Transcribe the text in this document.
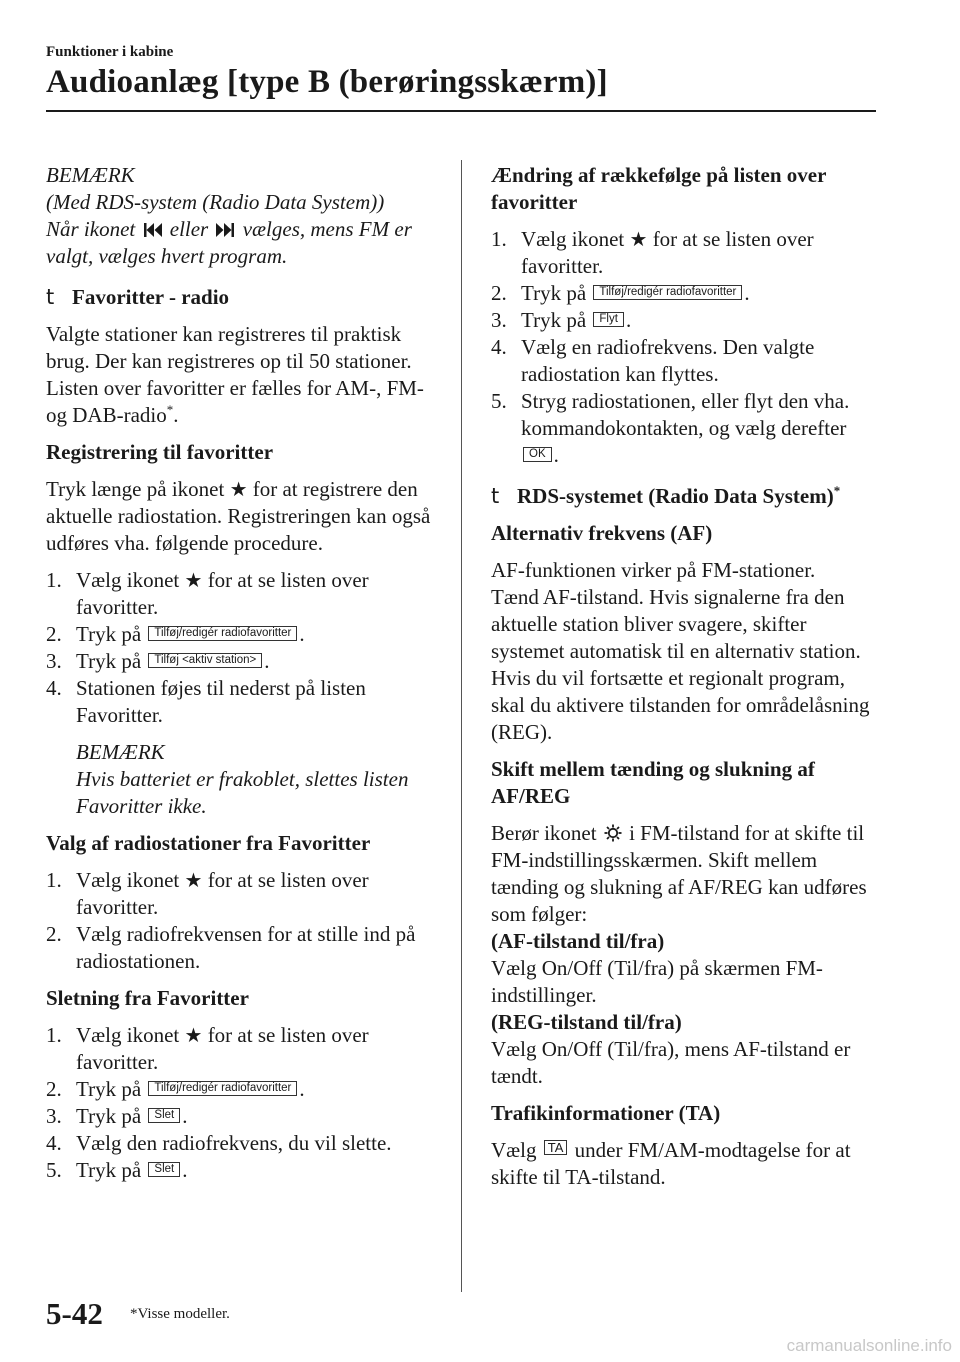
Funktioner i kabine
Audioanlæg [type B (berøringsskærm)]
BEMÆRK
(Med RDS-system (Radio Data System))
Når ikonet eller vælges, mens FM er valgt, vælges hvert program.
t Favoritter - radio

Valgte stationer kan registreres til praktisk brug. Der kan registreres op til 50 stationer. Listen over favoritter er fælles for AM-, FM- og DAB-radio*.

Registrering til favoritter

Tryk længe på ikonet ★ for at registrere den aktuelle radiostation. Registreringen kan også udføres vha. følgende procedure.

1. Vælg ikonet ★ for at se listen over favoritter.
2. Tryk på Tilføj/redigér radiofavoritter .
3. Tryk på Tilføj <aktiv station> .
4. Stationen føjes til nederst på listen Favoritter.
BEMÆRK
Hvis batteriet er frakoblet, slettes listen Favoritter ikke.
Valg af radiostationer fra Favoritter
1. Vælg ikonet ★ for at se listen over favoritter.
2. Vælg radiofrekvensen for at stille ind på radiostationen.
Sletning fra Favoritter
1. Vælg ikonet ★ for at se listen over favoritter.
2. Tryk på Tilføj/redigér radiofavoritter .
3. Tryk på Slet .
4. Vælg den radiofrekvens, du vil slette.
5. Tryk på Slet .
Ændring af rækkefølge på listen over favoritter
1. Vælg ikonet ★ for at se listen over favoritter.
2. Tryk på Tilføj/redigér radiofavoritter .
3. Tryk på Flyt .
4. Vælg en radiofrekvens. Den valgte radiostation kan flyttes.
5. Stryg radiostationen, eller flyt den vha. kommandokontakten, og vælg derefter
OK .
t RDS-systemet (Radio Data System)*
Alternativ frekvens (AF)

AF-funktionen virker på FM-stationer.
Tænd AF-tilstand. Hvis signalerne fra den aktuelle station bliver svagere, skifter systemet automatisk til en alternativ station.
Hvis du vil fortsætte et regionalt program, skal du aktivere tilstanden for områdelåsning (REG).

Skift mellem tænding og slukning af AF/REG

Berør ikonet i FM-tilstand for at skifte til FM-indstillingsskærmen. Skift mellem tænding og slukning af AF/REG kan udføres som følger:

(AF-tilstand til/fra)
Vælg On/Off (Til/fra) på skærmen FM-indstillinger.
(REG-tilstand til/fra)
Vælg On/Off (Til/fra), mens AF-tilstand er tændt.
Trafikinformationer (TA)

Vælg TA under FM/AM-modtagelse for at skifte til TA-tilstand.

5-42 *Visse modeller.
carmanualsonline.info
